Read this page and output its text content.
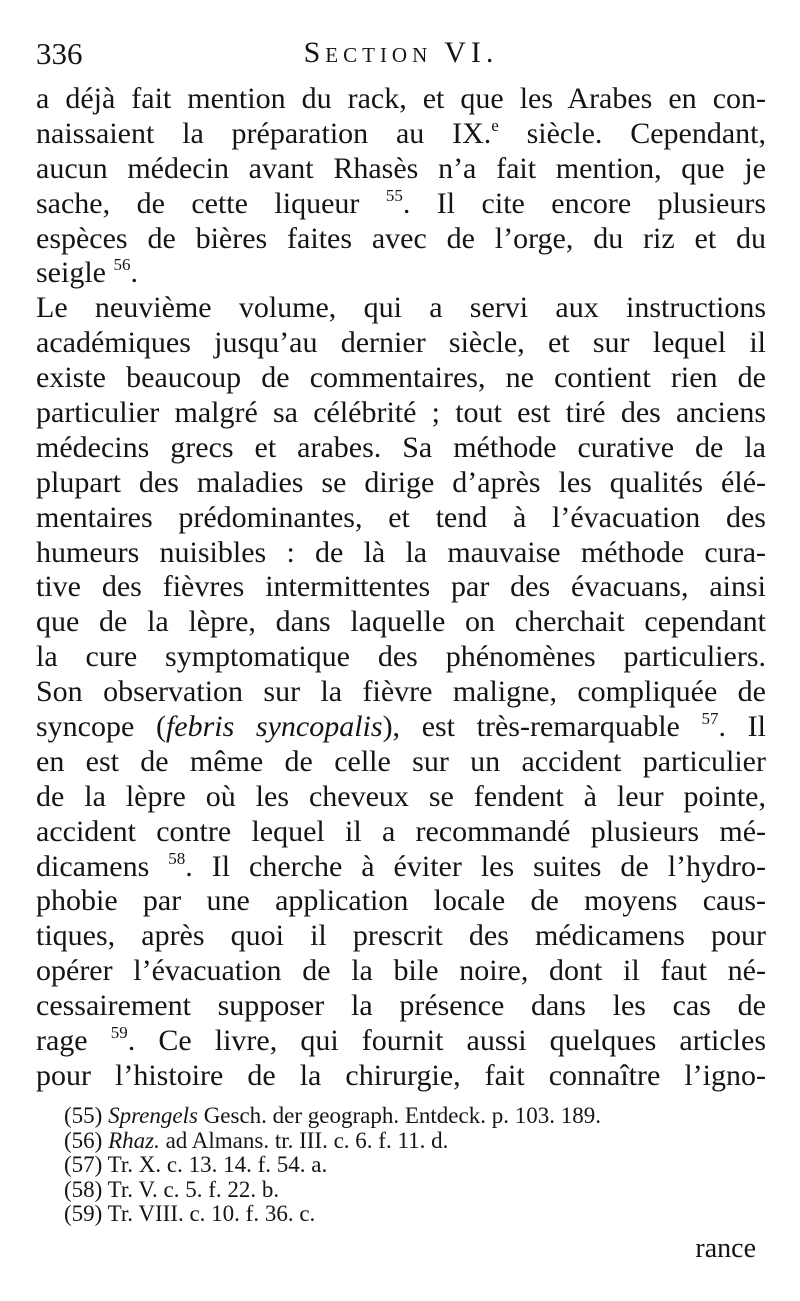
336	Section VI.
a déjà fait mention du rack, et que les Arabes en con-
naissaient la préparation au IX.$^e$ siècle. Cependant,
aucun médecin avant Rhasès n’a fait mention, que je
sache, de cette liqueur $^{55}$. Il cite encore plusieurs
espèces de bières faites avec de l’orge, du riz et du
seigle $^{56}$.
Le neuvième volume, qui a servi aux instructions
académiques jusqu’au dernier siècle, et sur lequel il
existe beaucoup de commentaires, ne contient rien de
particulier malgré sa célébrité ; tout est tiré des anciens
médecins grecs et arabes. Sa méthode curative de la
plupart des maladies se dirige d’après les qualités élé-
mentaires prédominantes, et tend à l’évacuation des
humeurs nuisibles : de là la mauvaise méthode cura-
tive des fièvres intermittentes par des évacuans, ainsi
que de la lèpre, dans laquelle on cherchait cependant
la cure symptomatique des phénomènes particuliers.
Son observation sur la fièvre maligne, compliquée de
syncope (febris syncopalis), est très-remarquable $^{57}$. Il
en est de même de celle sur un accident particulier
de la lèpre où les cheveux se fendent à leur pointe,
accident contre lequel il a recommandé plusieurs mé-
dicamens $^{58}$. Il cherche à éviter les suites de l’hydro-
phobie par une application locale de moyens caus-
tiques, après quoi il prescrit des médicamens pour
opérer l’évacuation de la bile noire, dont il faut né-
cessairement supposer la présence dans les cas de
rage $^{59}$. Ce livre, qui fournit aussi quelques articles
pour l’histoire de la chirurgie, fait connaître l’igno-
(55) Sprengels Gesch. der geograph. Entdeck. p. 103. 189.
(56) Rhaz. ad Almans. tr. III. c. 6. f. 11. d.
(57) Tr. X. c. 13. 14. f. 54. a.
(58) Tr. V. c. 5. f. 22. b.
(59) Tr. VIII. c. 10. f. 36. c.
rance
